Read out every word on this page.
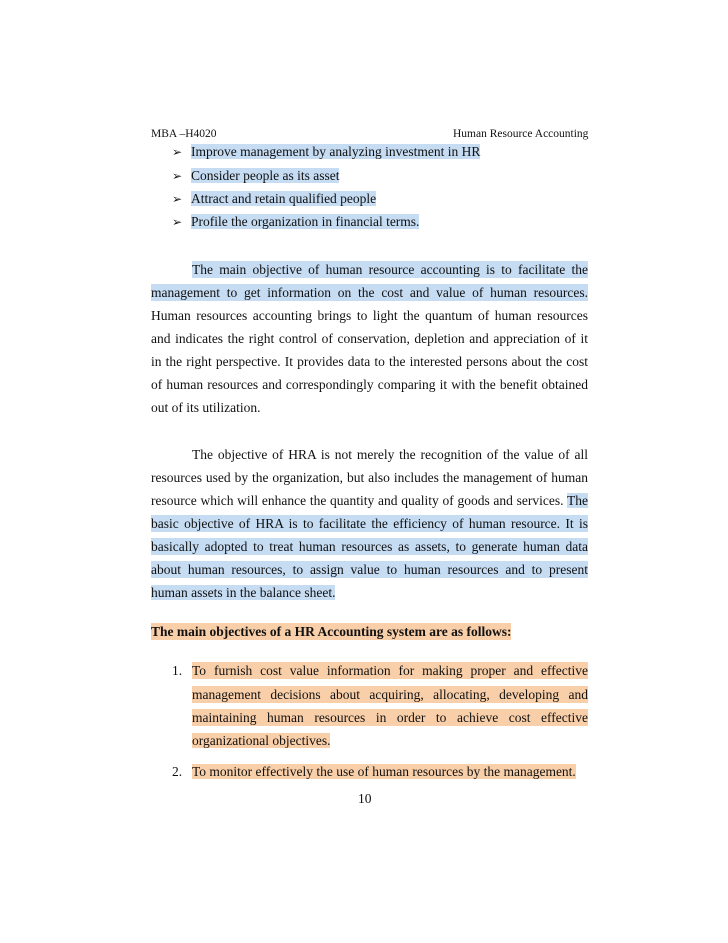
MBA –H4020	Human Resource Accounting
➢ Improve management by analyzing investment in HR
➢ Consider people as its asset
➢ Attract and retain qualified people
➢ Profile the organization in financial terms.
The main objective of human resource accounting is to facilitate the
management to get information on the cost and value of human resources.
Human resources accounting brings to light the quantum of human resources
and indicates the right control of conservation, depletion and appreciation of it
in the right perspective. It provides data to the interested persons about the cost
of human resources and correspondingly comparing it with the benefit obtained
out of its utilization.
The objective of HRA is not merely the recognition of the value of all
resources used by the organization, but also includes the management of human
resource which will enhance the quantity and quality of goods and services. The
basic objective of HRA is to facilitate the efficiency of human resource. It is
basically adopted to treat human resources as assets, to generate human data
about human resources, to assign value to human resources and to present
human assets in the balance sheet.
The main objectives of a HR Accounting system are as follows:
1. To furnish cost value information for making proper and effective
management decisions about acquiring, allocating, developing and
maintaining human resources in order to achieve cost effective
organizational objectives.
2. To monitor effectively the use of human resources by the management.
10
